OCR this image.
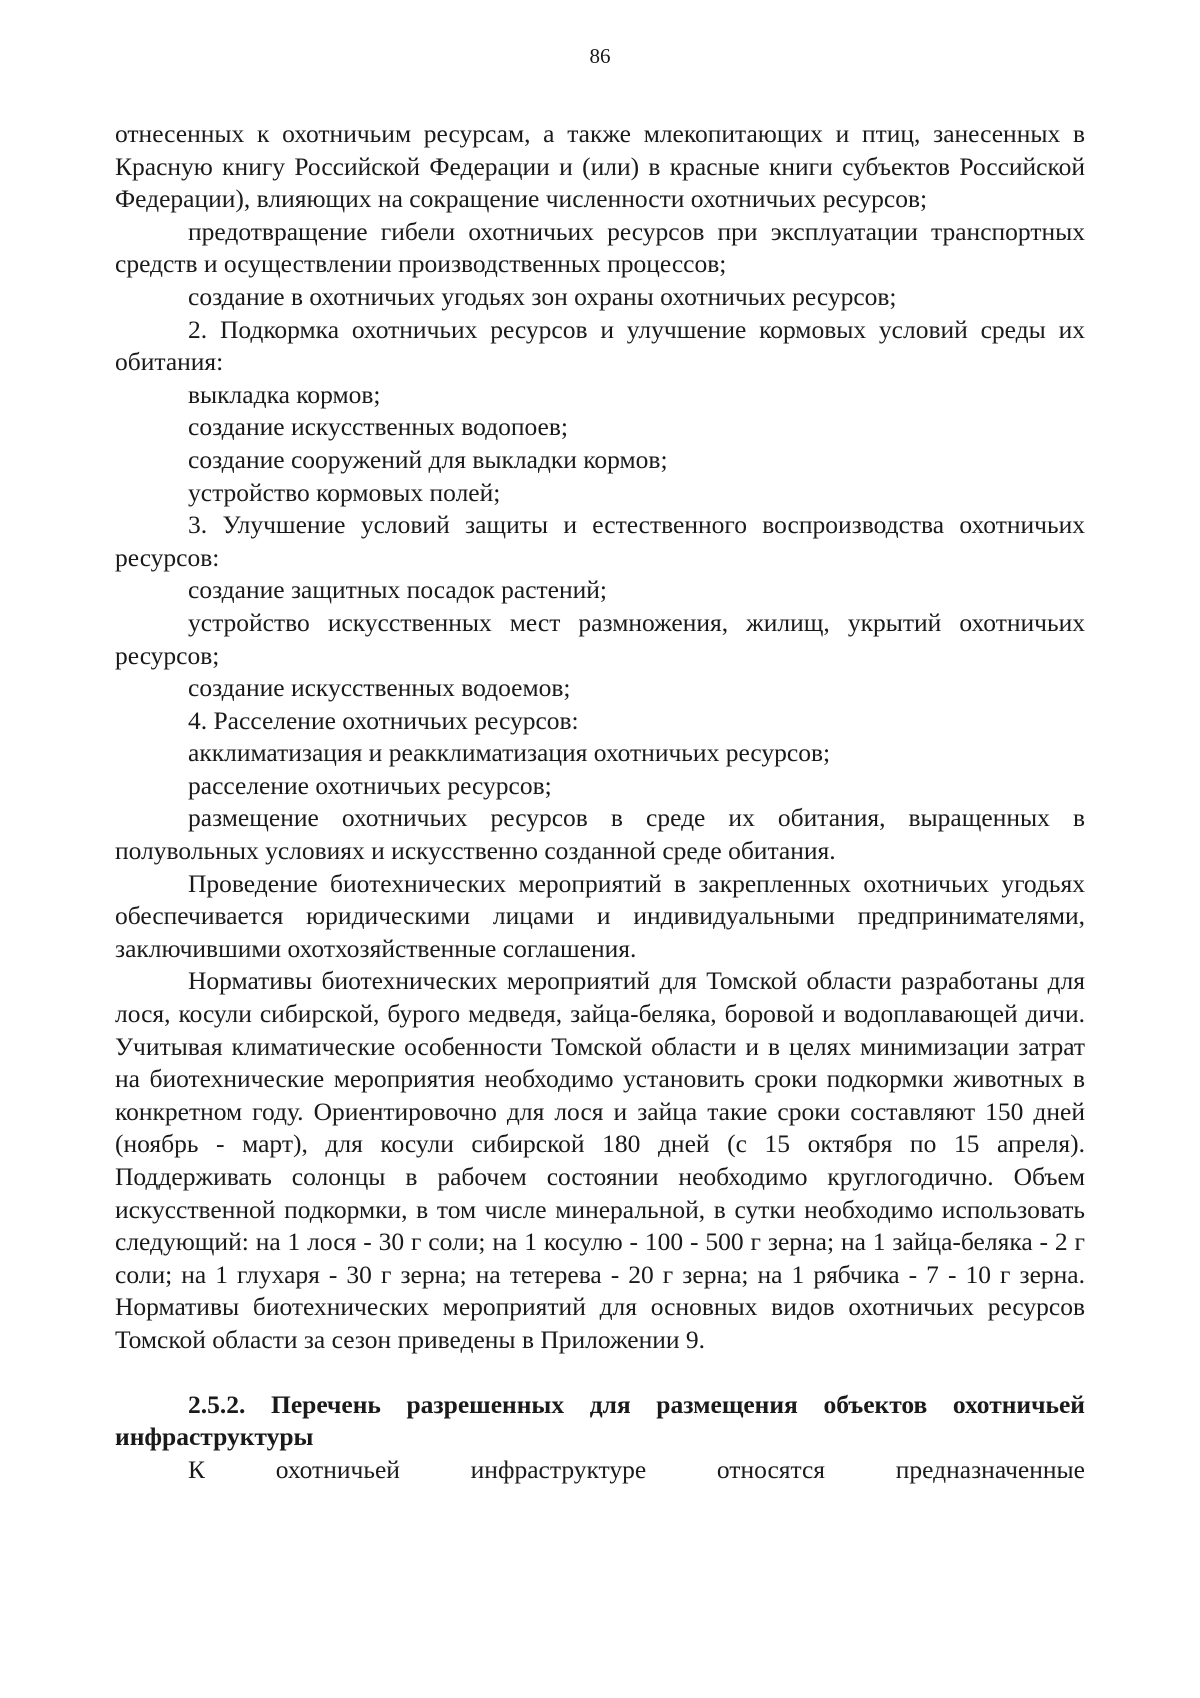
86

отнесенных к охотничьим ресурсам, а также млекопитающих и птиц, занесенных в Красную книгу Российской Федерации и (или) в красные книги субъектов Российской Федерации), влияющих на сокращение численности охотничьих ресурсов;

предотвращение гибели охотничьих ресурсов при эксплуатации транспортных средств и осуществлении производственных процессов;

создание в охотничьих угодьях зон охраны охотничьих ресурсов;

2. Подкормка охотничьих ресурсов и улучшение кормовых условий среды их обитания:

выкладка кормов;

создание искусственных водопоев;

создание сооружений для выкладки кормов;

устройство кормовых полей;

3. Улучшение условий защиты и естественного воспроизводства охотничьих ресурсов:

создание защитных посадок растений;

устройство искусственных мест размножения, жилищ, укрытий охотничьих ресурсов;

создание искусственных водоемов;

4. Расселение охотничьих ресурсов:

акклиматизация и реакклиматизация охотничьих ресурсов;

расселение охотничьих ресурсов;

размещение охотничьих ресурсов в среде их обитания, выращенных в полувольных условиях и искусственно созданной среде обитания.

Проведение биотехнических мероприятий в закрепленных охотничьих угодьях обеспечивается юридическими лицами и индивидуальными предпринимателями, заключившими охотхозяйственные соглашения.

Нормативы биотехнических мероприятий для Томской области разработаны для лося, косули сибирской, бурого медведя, зайца-беляка, боровой и водоплавающей дичи. Учитывая климатические особенности Томской области и в целях минимизации затрат на биотехнические мероприятия необходимо установить сроки подкормки животных в конкретном году. Ориентировочно для лося и зайца такие сроки составляют 150 дней (ноябрь - март), для косули сибирской 180 дней (с 15 октября по 15 апреля). Поддерживать солонцы в рабочем состоянии необходимо круглогодично. Объем искусственной подкормки, в том числе минеральной, в сутки необходимо использовать следующий: на 1 лося - 30 г соли; на 1 косулю - 100 - 500 г зерна; на 1 зайца-беляка - 2 г соли; на 1 глухаря - 30 г зерна; на тетерева - 20 г зерна; на 1 рябчика - 7 - 10 г зерна. Нормативы биотехнических мероприятий для основных видов охотничьих ресурсов Томской области за сезон приведены в Приложении 9.

2.5.2. Перечень разрешенных для размещения объектов охотничьей инфраструктуры

К охотничьей инфраструктуре относятся предназначенные
